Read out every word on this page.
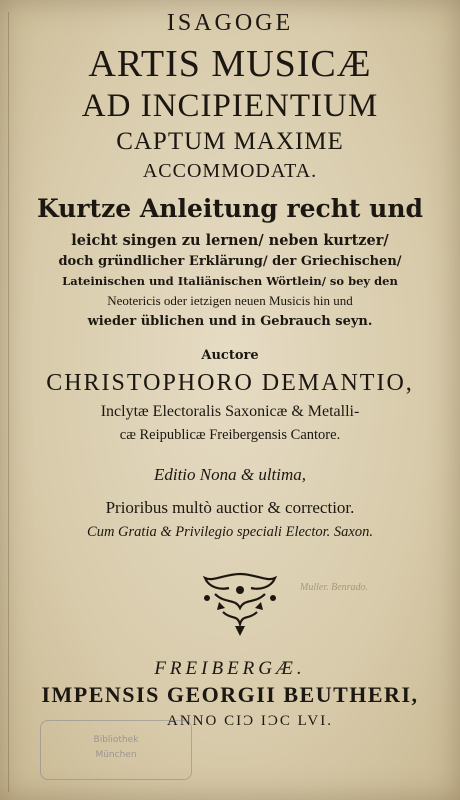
ISAGOGE
ARTIS MUSICÆ
AD INCIPIENTIUM
CAPTUM MAXIME
ACCOMMODATA.
Kurtze Anleitung recht und
leicht singen zu lernen/ neben kurtzer/
doch gründlicher Erklärung/ der Griechischen/
Lateinischen und Italiänischen Wörtlein/ so bey den
Neotericis oder ietzigen neuen Musicis hin und
wieder üblichen und in Gebrauch seyn.
Auctore
CHRISTOPHORO DEMANTIO,
Inclytæ Electoralis Saxonicæ & Metalli-
cæ Reipublicæ Freibergensis Cantore.
Editio Nona & ultima,
Prioribus multò auctior & correctior.
Cum Gratia & Privilegio speciali Elector. Saxon.
Muller. Benrado.
FREIBERGÆ.
IMPENSIS GEORGII BEUTHERI,
ANNO CIƆ IƆC LVI.
Bibliothek
München
